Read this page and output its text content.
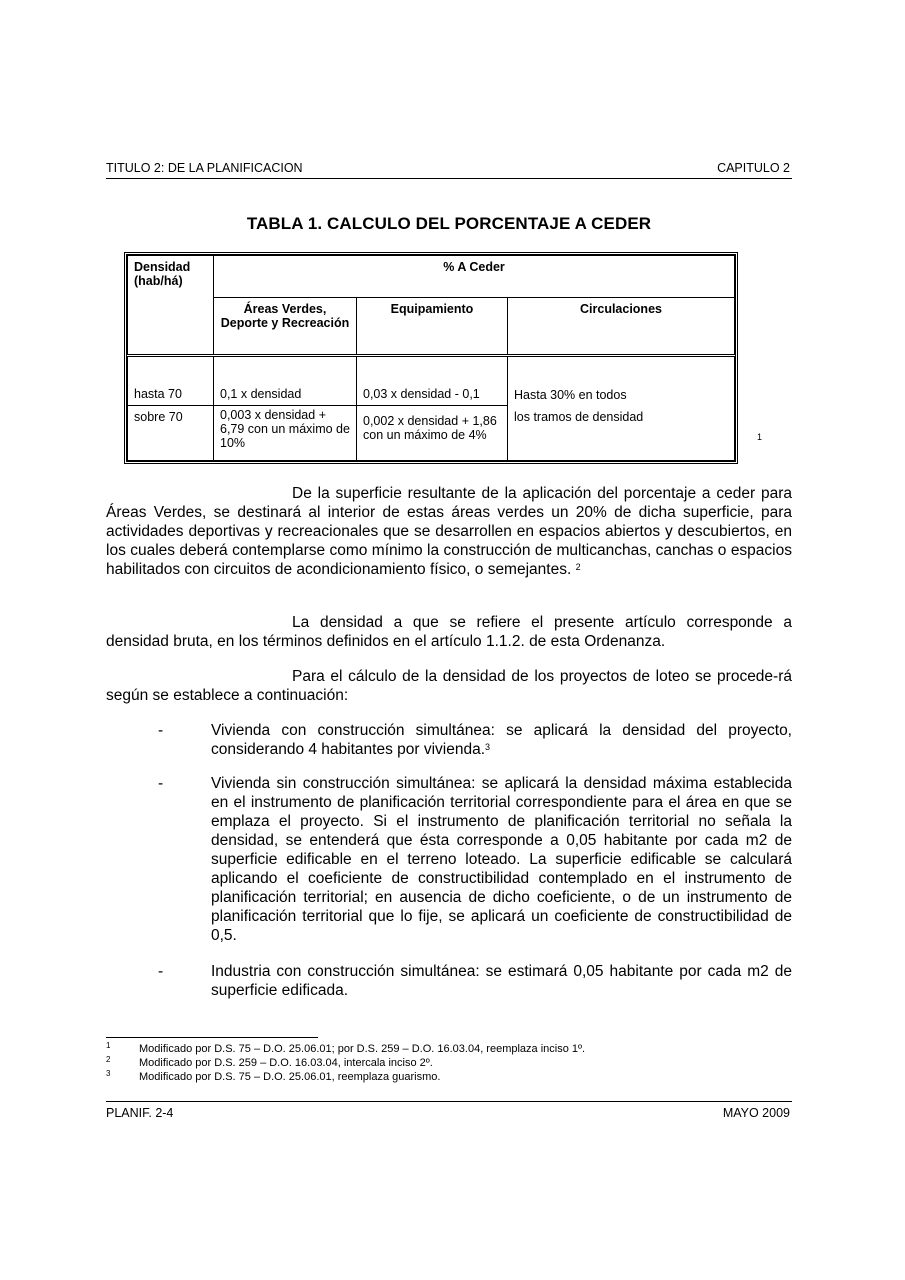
TITULO 2: DE LA PLANIFICACION	CAPITULO 2
TABLA 1. CALCULO DEL PORCENTAJE A CEDER
Densidad (hab/há)	% A Ceder		
	Áreas Verdes, Deporte y Recreación	Equipamiento	Circulaciones
hasta 70	0,1 x densidad	0,03 x densidad - 0,1	Hasta 30% en todos
sobre 70	0,003 x densidad + 6,79 con un máximo de 10%	0,002 x densidad + 1,86 con un máximo de 4%	los tramos de densidad
1
De la superficie resultante de la aplicación del porcentaje a ceder para Áreas Verdes, se destinará al interior de estas áreas verdes un 20% de dicha superficie, para actividades deportivas y recreacionales que se desarrollen en espacios abiertos y descubiertos, en los cuales deberá contemplarse como mínimo la construcción de multicanchas, canchas o espacios habilitados con circuitos de acondicionamiento físico, o semejantes. $^2$
La densidad a que se refiere el presente artículo corresponde a densidad bruta, en los términos definidos en el artículo 1.1.2. de esta Ordenanza.
Para el cálculo de la densidad de los proyectos de loteo se procede-rá según se establece a continuación:
-	Vivienda con construcción simultánea: se aplicará la densidad del proyecto, considerando 4 habitantes por vivienda.$^3$
-	Vivienda sin construcción simultánea: se aplicará la densidad máxima establecida en el instrumento de planificación territorial correspondiente para el área en que se emplaza el proyecto. Si el instrumento de planificación territorial no señala la densidad, se entenderá que ésta corresponde a 0,05 habitante por cada m2 de superficie edificable en el terreno loteado. La superficie edificable se calculará aplicando el coeficiente de constructibilidad contemplado en el instrumento de planificación territorial; en ausencia de dicho coeficiente, o de un instrumento de planificación territorial que lo fije, se aplicará un coeficiente de constructibilidad de 0,5.
-	Industria con construcción simultánea: se estimará 0,05 habitante por cada m2 de superficie edificada.
1	Modificado por D.S. 75 – D.O. 25.06.01; por D.S. 259 – D.O. 16.03.04, reemplaza inciso 1º.
2	Modificado por D.S. 259 – D.O. 16.03.04, intercala inciso 2º.
3	Modificado por D.S. 75 – D.O. 25.06.01, reemplaza guarismo.
PLANIF. 2-4	MAYO 2009
